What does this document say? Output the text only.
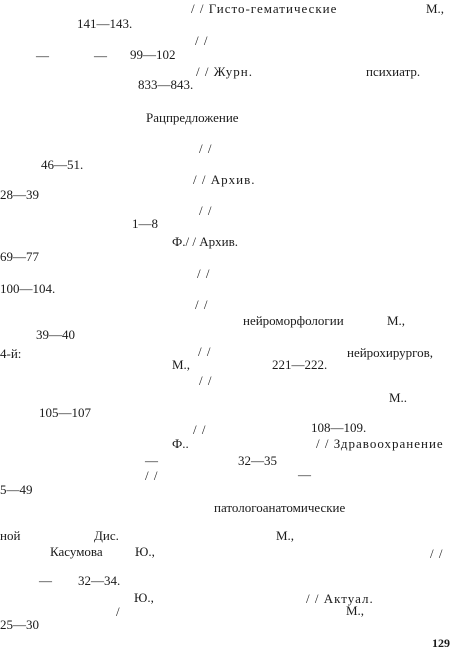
/ / Гисто-гематические	М.,
141—143.
/ /
—	— 99—102
/ / Журн.	психиатр.
833—843.
Рацпредложение
/ /
46—51.
/ / Архив.
28—39
/ /
1—8
Ф./ / Архив.
69—77
/ /
100—104.
/ /
нейроморфологии	М.,
39—40
4-й:	/ /	нейрохирургов,
М.,	221—222.
/ /
М..
105—107
/ /	108—109.
Ф..	/ / Здравоохранение
—	32—35
/ /	—
5—49
патологоанатомические
ной	Дис.	М.,
Касумова Ю.,	/ /
— 32—34.
Ю.,	/ / Актуал.
/	М.,
25—30
129
